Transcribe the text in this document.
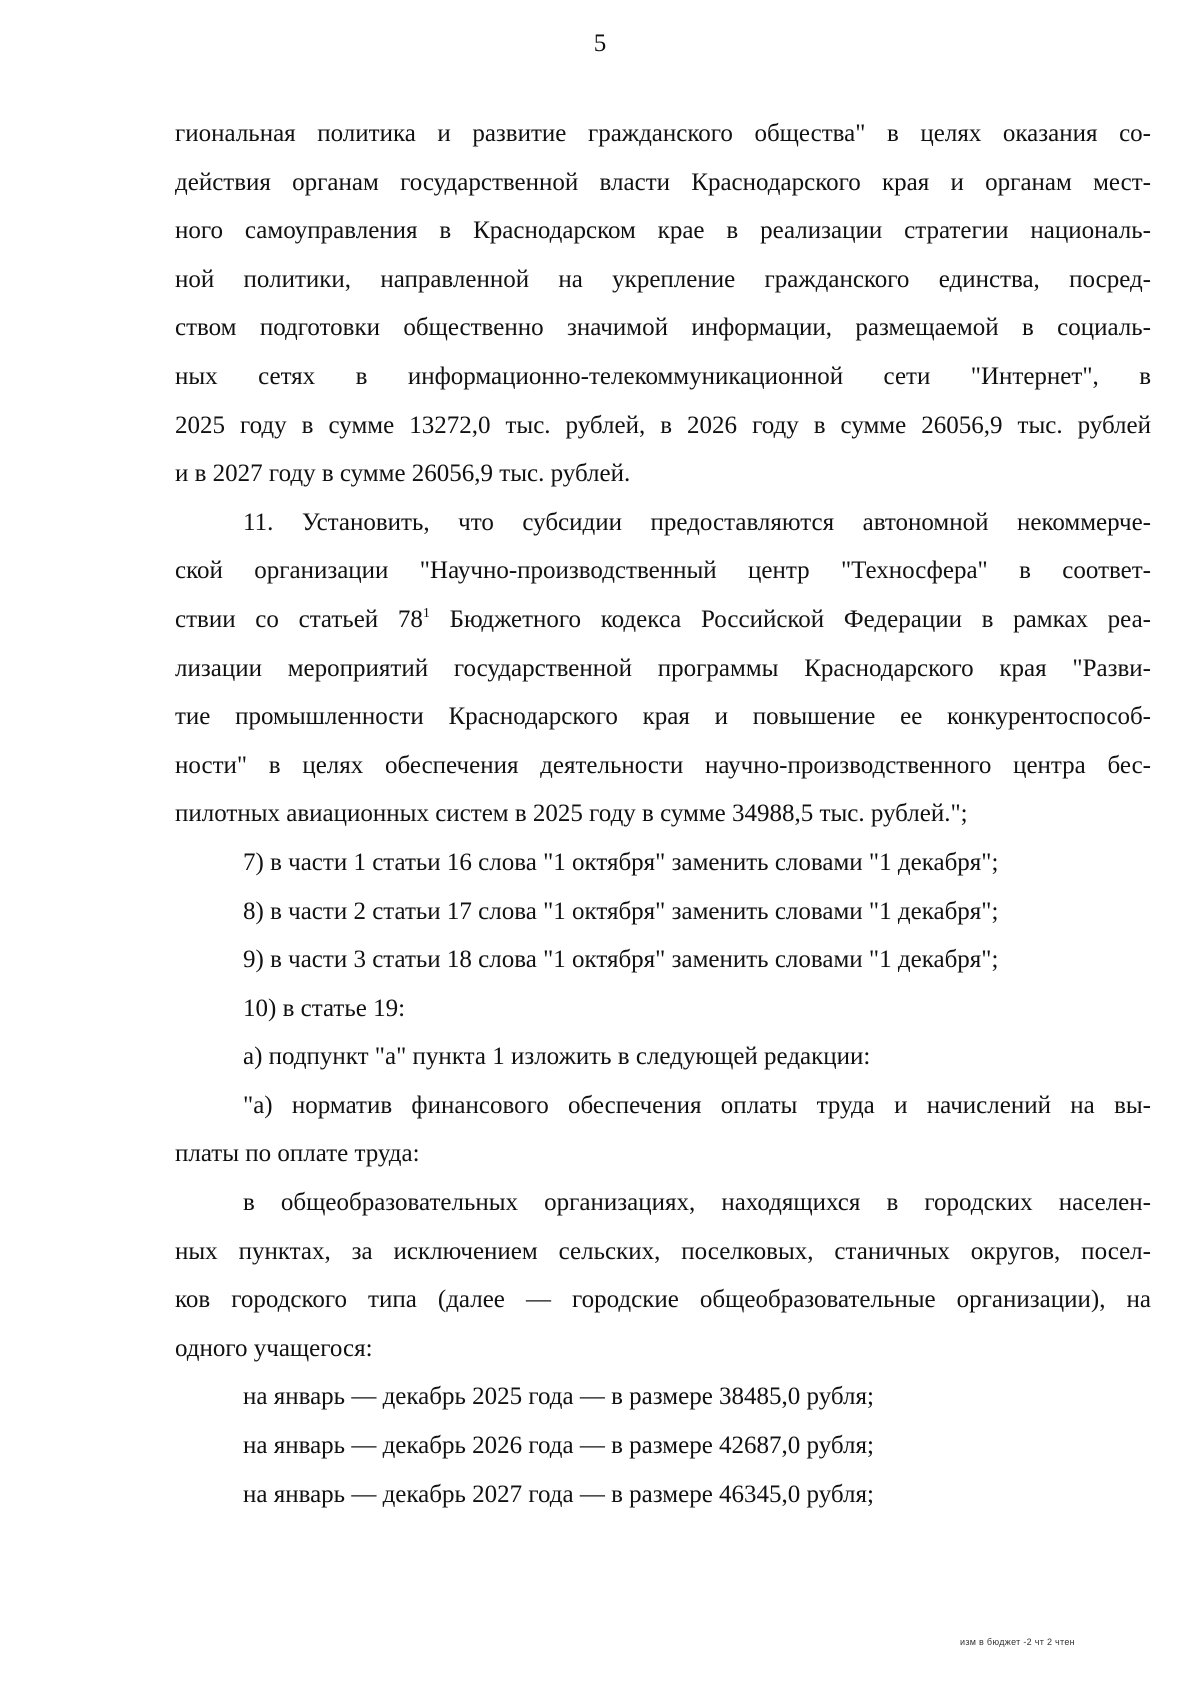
5
гиональная политика и развитие гражданского общества" в целях оказания со-
действия органам государственной власти Краснодарского края и органам мест-
ного самоуправления в Краснодарском крае в реализации стратегии националь-
ной политики, направленной на укрепление гражданского единства, посред-
ством подготовки общественно значимой информации, размещаемой в социаль-
ных сетях в информационно-телекоммуникационной сети "Интернет", в
2025 году в сумме 13272,0 тыс. рублей, в 2026 году в сумме 26056,9 тыс. рублей
и в 2027 году в сумме 26056,9 тыс. рублей.
11. Установить, что субсидии предоставляются автономной некоммерче-
ской организации "Научно-производственный центр "Техносфера" в соответ-
ствии со статьей $78^1$ Бюджетного кодекса Российской Федерации в рамках реа-
лизации мероприятий государственной программы Краснодарского края "Разви-
тие промышленности Краснодарского края и повышение ее конкурентоспособ-
ности" в целях обеспечения деятельности научно-производственного центра бес-
пилотных авиационных систем в 2025 году в сумме 34988,5 тыс. рублей.";
7) в части 1 статьи 16 слова "1 октября" заменить словами "1 декабря";
8) в части 2 статьи 17 слова "1 октября" заменить словами "1 декабря";
9) в части 3 статьи 18 слова "1 октября" заменить словами "1 декабря";
10) в статье 19:
а) подпункт "а" пункта 1 изложить в следующей редакции:
"а) норматив финансового обеспечения оплаты труда и начислений на вы-
платы по оплате труда:
в общеобразовательных организациях, находящихся в городских населен-
ных пунктах, за исключением сельских, поселковых, станичных округов, посел-
ков городского типа (далее — городские общеобразовательные организации), на
одного учащегося:
на январь — декабрь 2025 года — в размере 38485,0 рубля;
на январь — декабрь 2026 года — в размере 42687,0 рубля;
на январь — декабрь 2027 года — в размере 46345,0 рубля;
изм в бюджет -2 чт 2 чтен
